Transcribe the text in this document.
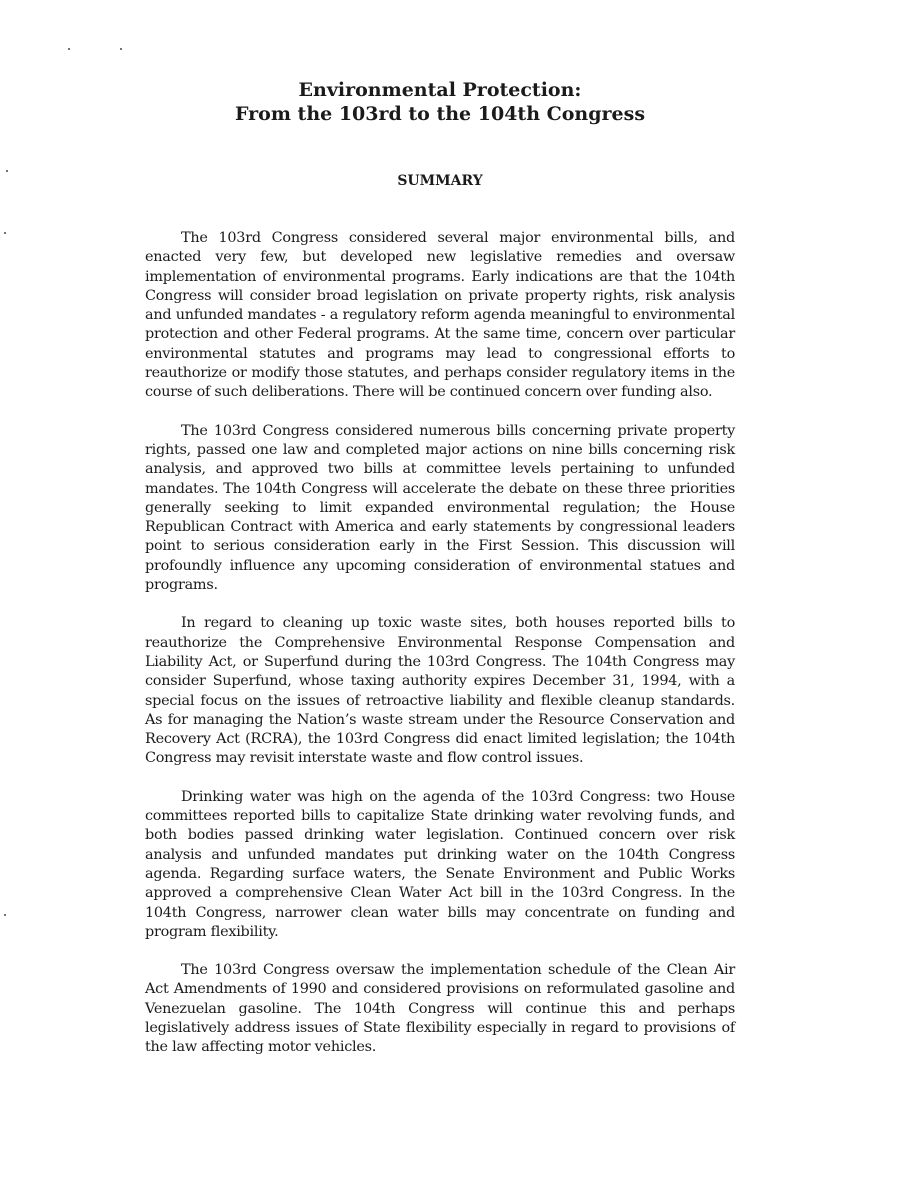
Environmental Protection:
From the 103rd to the 104th Congress
SUMMARY

The 103rd Congress considered several major environmental bills, and enacted very few, but developed new legislative remedies and oversaw implementation of environmental programs. Early indications are that the 104th Congress will consider broad legislation on private property rights, risk analysis and unfunded mandates - a regulatory reform agenda meaningful to environmental protection and other Federal programs. At the same time, concern over particular environmental statutes and programs may lead to congressional efforts to reauthorize or modify those statutes, and perhaps consider regulatory items in the course of such deliberations. There will be continued concern over funding also.

The 103rd Congress considered numerous bills concerning private property rights, passed one law and completed major actions on nine bills concerning risk analysis, and approved two bills at committee levels pertaining to unfunded mandates. The 104th Congress will accelerate the debate on these three priorities generally seeking to limit expanded environmental regulation; the House Republican Contract with America and early statements by congressional leaders point to serious consideration early in the First Session. This discussion will profoundly influence any upcoming consideration of environmental statues and programs.

In regard to cleaning up toxic waste sites, both houses reported bills to reauthorize the Comprehensive Environmental Response Compensation and Liability Act, or Superfund during the 103rd Congress. The 104th Congress may consider Superfund, whose taxing authority expires December 31, 1994, with a special focus on the issues of retroactive liability and flexible cleanup standards. As for managing the Nation’s waste stream under the Resource Conservation and Recovery Act (RCRA), the 103rd Congress did enact limited legislation; the 104th Congress may revisit interstate waste and flow control issues.

Drinking water was high on the agenda of the 103rd Congress: two House committees reported bills to capitalize State drinking water revolving funds, and both bodies passed drinking water legislation. Continued concern over risk analysis and unfunded mandates put drinking water on the 104th Congress agenda. Regarding surface waters, the Senate Environment and Public Works approved a comprehensive Clean Water Act bill in the 103rd Congress. In the 104th Congress, narrower clean water bills may concentrate on funding and program flexibility.

The 103rd Congress oversaw the implementation schedule of the Clean Air Act Amendments of 1990 and considered provisions on reformulated gasoline and Venezuelan gasoline. The 104th Congress will continue this and perhaps legislatively address issues of State flexibility especially in regard to provisions of the law affecting motor vehicles.
